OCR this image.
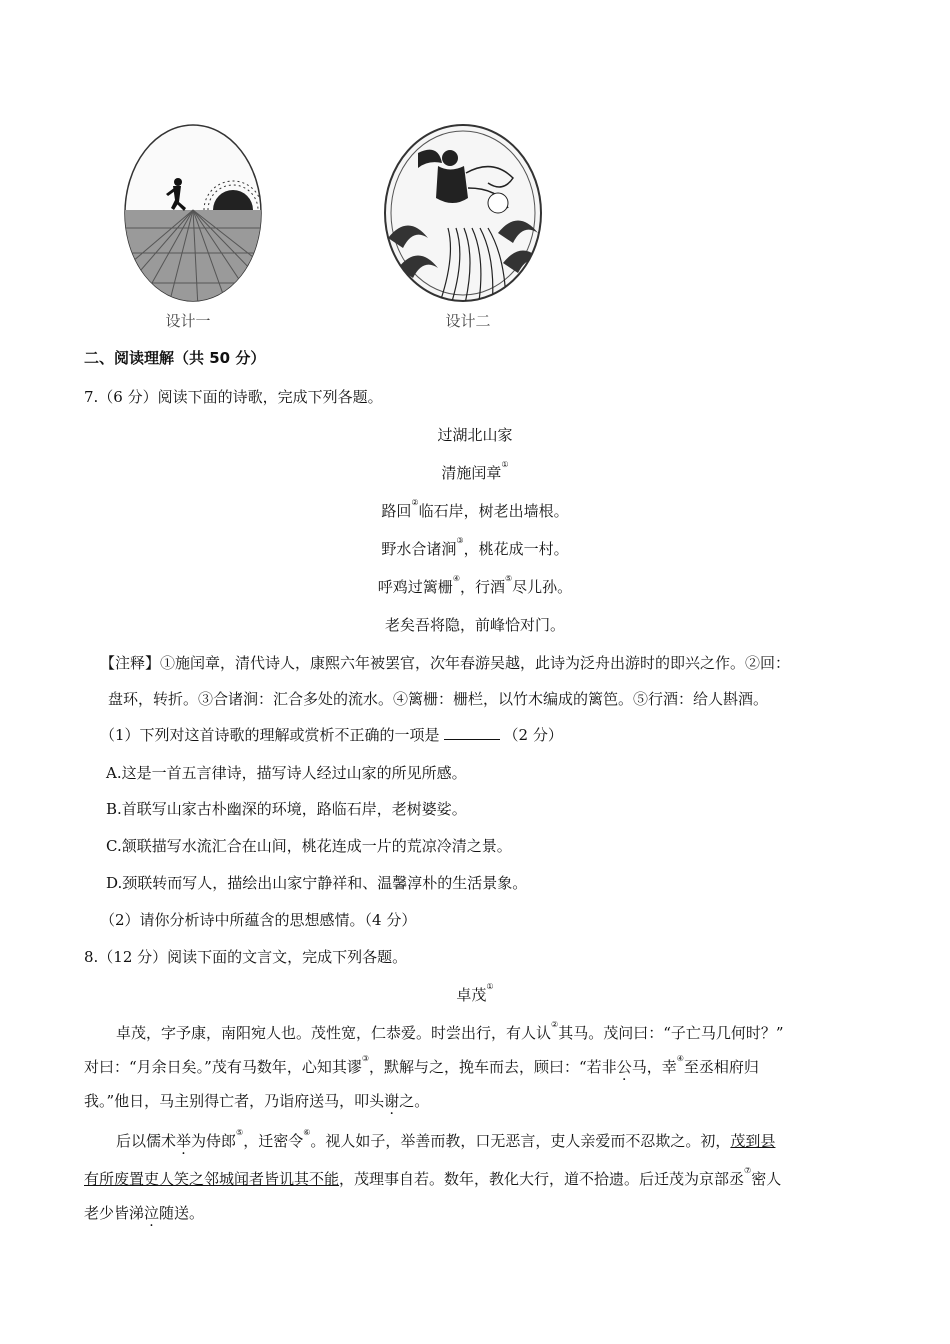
设计一	设计二
二、阅读理解（共 50 分）
7.（6 分）阅读下面的诗歌，完成下列各题。
过湖北山家
清施闰章①
路回②临石岸，树老出墙根。
野水合诸涧③，桃花成一村。
呼鸡过篱栅④，行酒⑤尽儿孙。
老矣吾将隐，前峰恰对门。
【注释】①施闰章，清代诗人，康熙六年被罢官，次年春游吴越，此诗为泛舟出游时的即兴之作。②回：
盘环，转折。③合诸涧：汇合多处的流水。④篱栅：栅栏，以竹木编成的篱笆。⑤行酒：给人斟酒。
（1）下列对这首诗歌的理解或赏析不正确的一项是	（2 分）
A.这是一首五言律诗，描写诗人经过山家的所见所感。
B.首联写山家古朴幽深的环境，路临石岸，老树婆娑。
C.颔联描写水流汇合在山间，桃花连成一片的荒凉冷清之景。
D.颈联转而写人，描绘出山家宁静祥和、温馨淳朴的生活景象。
（2）请你分析诗中所蕴含的思想感情。（4 分）
8.（12 分）阅读下面的文言文，完成下列各题。
卓茂①
卓茂，字予康，南阳宛人也。茂性宽，仁恭爱。时尝出行，有人认②其马。茂问曰：“子亡马几何时？”
对曰：“月余日矣。”茂有马数年，心知其谬③，默解与之，挽车而去，顾曰：“若非公马，幸④至丞相府归
我。”他日，马主别得亡者，乃诣府送马，叩头谢之。
后以儒术举为侍郎⑤，迁密令⑥。视人如子，举善而教，口无恶言，吏人亲爱而不忍欺之。初，茂到县
有所废置吏人笑之邻城闻者皆讥其不能，茂理事自若。数年，教化大行，道不拾遗。后迁茂为京部丞⑦密人
老少皆涕泣随送。
